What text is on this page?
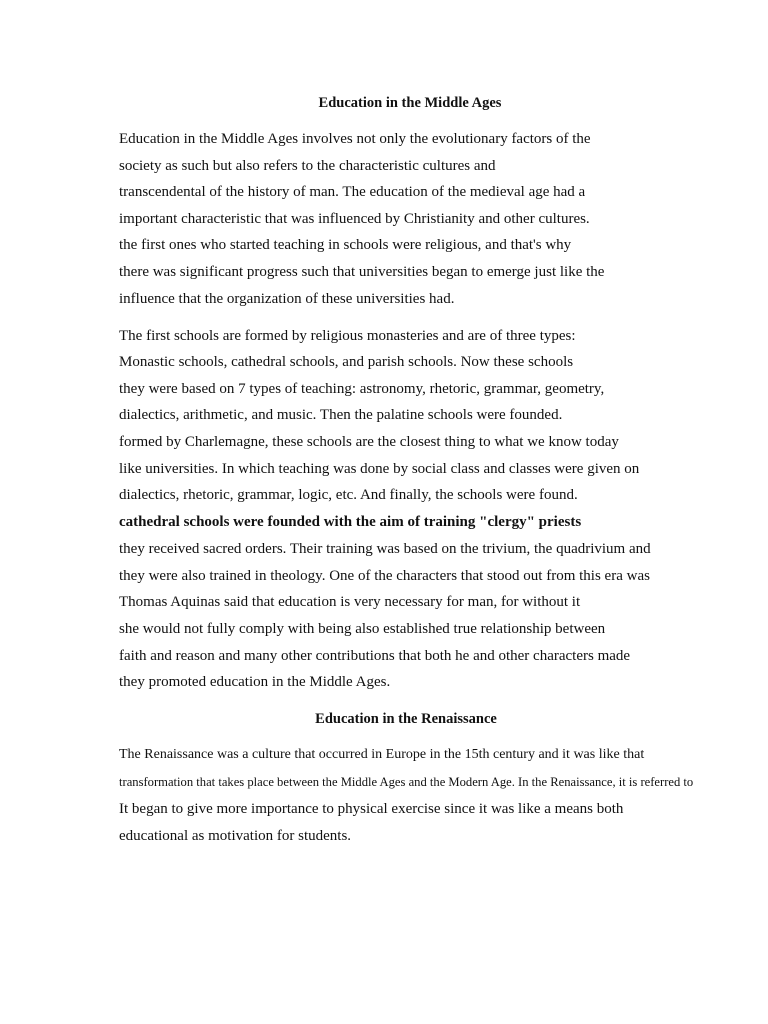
Education in the Middle Ages
Education in the Middle Ages involves not only the evolutionary factors of the
society as such but also refers to the characteristic cultures and
transcendental of the history of man. The education of the medieval age had a
important characteristic that was influenced by Christianity and other cultures.
the first ones who started teaching in schools were religious, and that's why
there was significant progress such that universities began to emerge just like the
influence that the organization of these universities had.
The first schools are formed by religious monasteries and are of three types:
Monastic schools, cathedral schools, and parish schools. Now these schools
they were based on 7 types of teaching: astronomy, rhetoric, grammar, geometry,
dialectics, arithmetic, and music. Then the palatine schools were founded.
formed by Charlemagne, these schools are the closest thing to what we know today
like universities. In which teaching was done by social class and classes were given on
dialectics, rhetoric, grammar, logic, etc. And finally, the schools were found.
cathedral schools were founded with the aim of training "clergy" priests
they received sacred orders. Their training was based on the trivium, the quadrivium and
they were also trained in theology. One of the characters that stood out from this era was
Thomas Aquinas said that education is very necessary for man, for without it
she would not fully comply with being also established true relationship between
faith and reason and many other contributions that both he and other characters made
they promoted education in the Middle Ages.
Education in the Renaissance
The Renaissance was a culture that occurred in Europe in the 15th century and it was like that
transformation that takes place between the Middle Ages and the Modern Age. In the Renaissance, it is referred to
It began to give more importance to physical exercise since it was like a means both
educational as motivation for students.
